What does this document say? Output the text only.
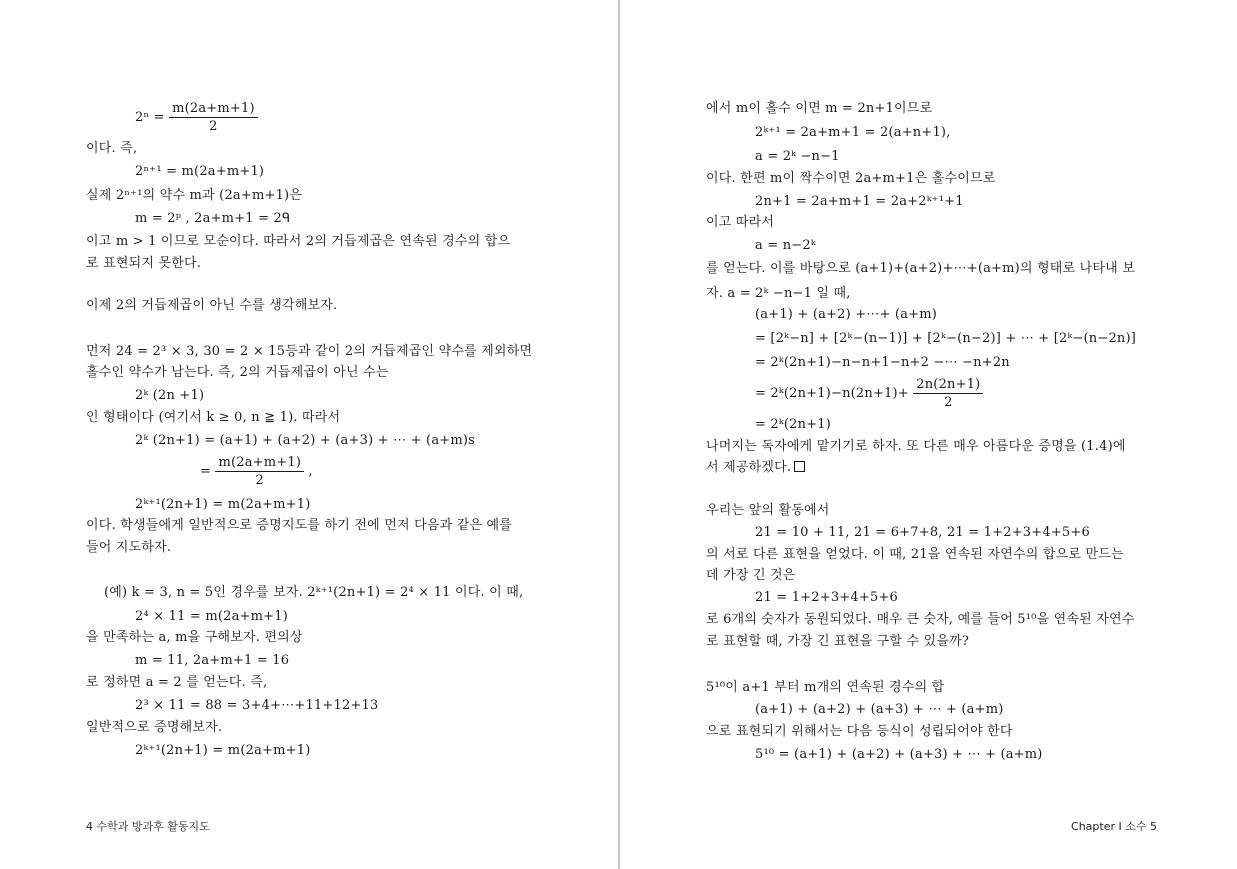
$2^n = \frac{m(2a+m+1)}{2}$
이다. 즉,
2ⁿ⁺¹ = m(2a+m+1)
실제 2ⁿ⁺¹의 약수 m과 (2a+m+1)은
m = 2ᵖ , 2a+m+1 = 2ᑫ
이고 m > 1 이므로 모순이다. 따라서 2의 거듭제곱은 연속된 경수의 합으
로 표현되지 못한다.
이제 2의 거듭제곱이 아닌 수를 생각해보자.
먼저 24 = 2³ × 3, 30 = 2 × 15등과 같이 2의 거듭제곱인 약수를 제외하면
홀수인 약수가 남는다. 즉, 2의 거듭제곱이 아닌 수는
2ᵏ (2n +1)
인 형태이다 (여기서 k ≥ 0, n ≧ 1). 따라서
2ᵏ (2n+1) = (a+1) + (a+2) + (a+3) + ⋯ + (a+m)s
= $\frac{m(2a+m+1)}{2}$ ,
2ᵏ⁺¹(2n+1) = m(2a+m+1)
이다. 학생들에게 일반적으로 증명지도를 하기 전에 먼저 다음과 같은 예를
들어 지도하자.
(예) k = 3, n = 5인 경우를 보자. 2ᵏ⁺¹(2n+1) = 2⁴ × 11 이다. 이 때,
2⁴ × 11 = m(2a+m+1)
을 만족하는 a, m을 구해보자. 편의상
m = 11, 2a+m+1 = 16
로 정하면 a = 2 를 얻는다. 즉,
2³ × 11 = 88 = 3+4+⋯+11+12+13
일반적으로 증명해보자.
2ᵏ⁺¹(2n+1) = m(2a+m+1)
4 수학과 방과후 활동지도
에서 m이 홀수 이면 m = 2n+1이므로
2ᵏ⁺¹ = 2a+m+1 = 2(a+n+1),
a = 2ᵏ −n−1
이다. 한편 m이 짝수이면 2a+m+1은 홀수이므로
2n+1 = 2a+m+1 = 2a+2ᵏ⁺¹+1
이고 따라서
a = n−2ᵏ
를 얻는다. 이를 바탕으로 (a+1)+(a+2)+⋯+(a+m)의 형태로 나타내 보
자. a = 2ᵏ −n−1 일 때,
(a+1) + (a+2) +⋯+ (a+m)
= [2ᵏ−n] + [2ᵏ−(n−1)] + [2ᵏ−(n−2)] + ⋯ + [2ᵏ−(n−2n)]
= 2ᵏ(2n+1)−n−n+1−n+2 −⋯ −n+2n
= 2ᵏ(2n+1)−n(2n+1)+ $\frac{2n(2n+1)}{2}$
= 2ᵏ(2n+1)
나머지는 독자에게 맡기기로 하자. 또 다른 매우 아름다운 증명을 (1.4)에
서 제공하겠다.
우리는 앞의 활동에서
21 = 10 + 11, 21 = 6+7+8, 21 = 1+2+3+4+5+6
의 서로 다른 표현을 얻었다. 이 때, 21을 연속된 자연수의 합으로 만드는
데 가장 긴 것은
21 = 1+2+3+4+5+6
로 6개의 숫자가 동원되었다. 매우 큰 숫자, 예를 들어 5¹⁰을 연속된 자연수
로 표현할 때, 가장 긴 표현을 구할 수 있을까?
5¹⁰이 a+1 부터 m개의 연속된 경수의 합
(a+1) + (a+2) + (a+3) + ⋯ + (a+m)
으로 표현되기 위해서는 다음 등식이 성립되어야 한다
5¹⁰ = (a+1) + (a+2) + (a+3) + ⋯ + (a+m)
Chapter Ⅰ 소수 5
